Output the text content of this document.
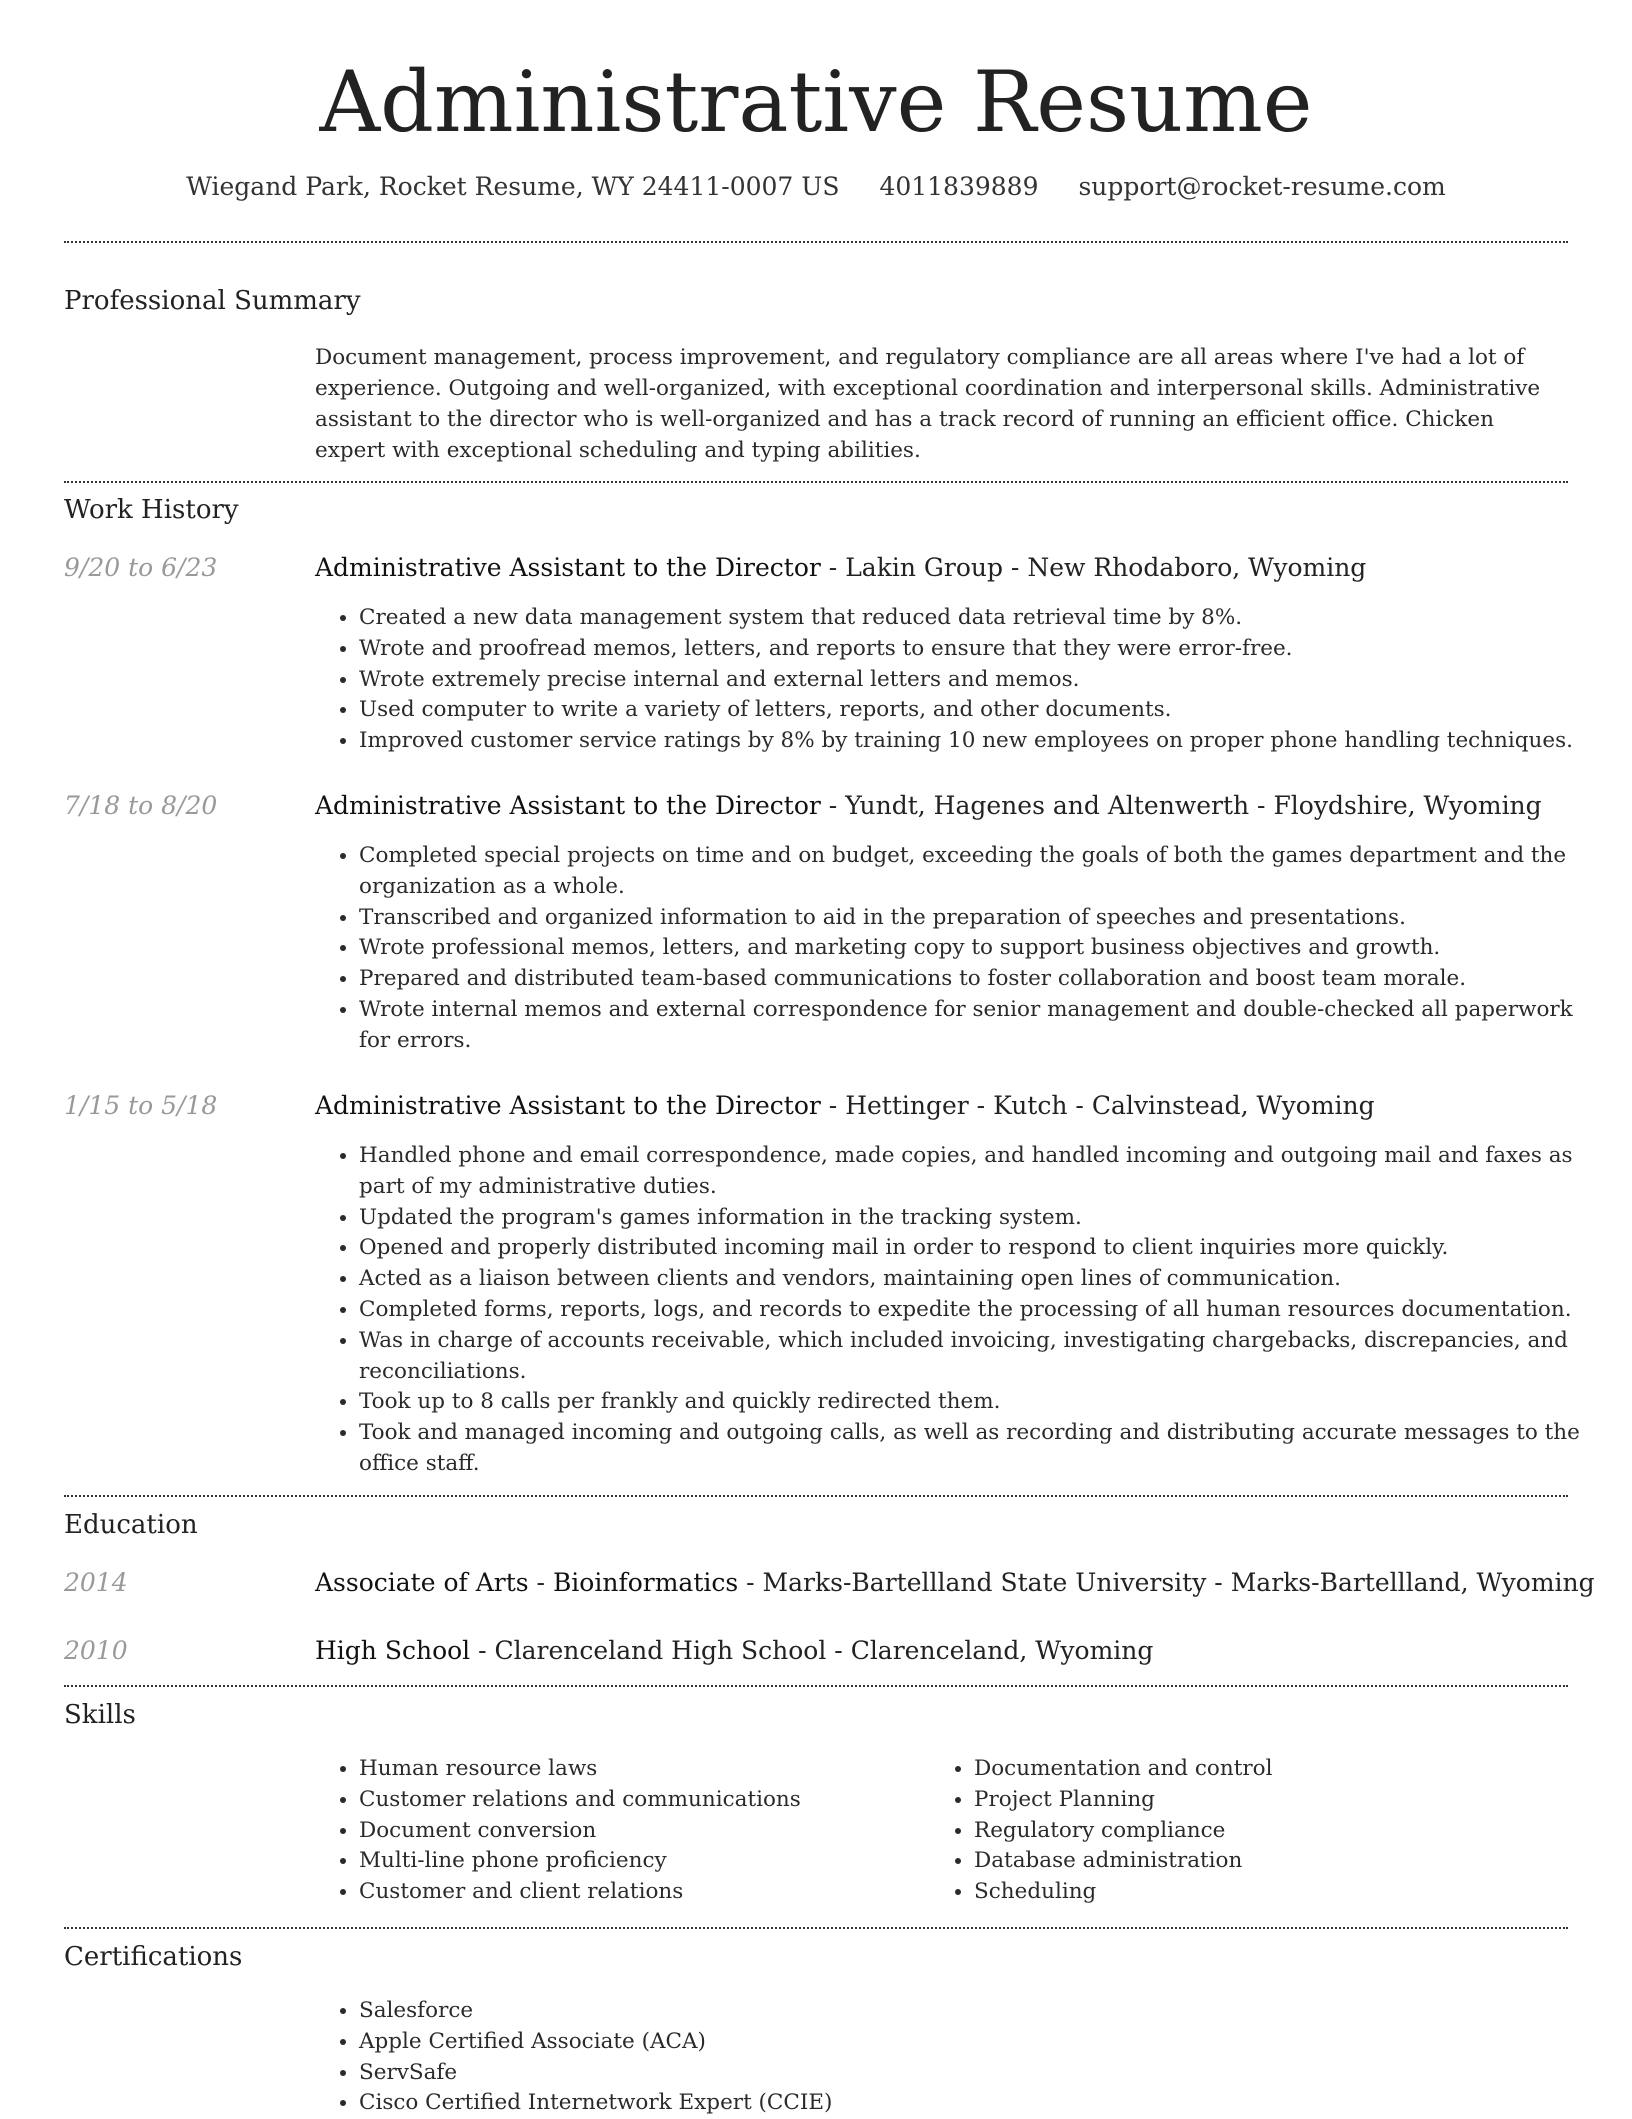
Administrative Resume
Wiegand Park, Rocket Resume, WY 24411-0007 US 4011839889 support@rocket-resume.com
Professional Summary

Document management, process improvement, and regulatory compliance are all areas where I've had a lot of experience. Outgoing and well-organized, with exceptional coordination and interpersonal skills. Administrative assistant to the director who is well-organized and has a track record of running an efficient office. Chicken expert with exceptional scheduling and typing abilities.

Work History
9/20 to 6/23	Administrative Assistant to the Director - Lakin Group - New Rhodaboro, Wyoming
• Created a new data management system that reduced data retrieval time by 8%.
• Wrote and proofread memos, letters, and reports to ensure that they were error-free.
• Wrote extremely precise internal and external letters and memos.
• Used computer to write a variety of letters, reports, and other documents.
• Improved customer service ratings by 8% by training 10 new employees on proper phone handling techniques.
7/18 to 8/20	Administrative Assistant to the Director - Yundt, Hagenes and Altenwerth - Floydshire, Wyoming
• Completed special projects on time and on budget, exceeding the goals of both the games department and the organization as a whole.
• Transcribed and organized information to aid in the preparation of speeches and presentations.
• Wrote professional memos, letters, and marketing copy to support business objectives and growth.
• Prepared and distributed team-based communications to foster collaboration and boost team morale.
• Wrote internal memos and external correspondence for senior management and double-checked all paperwork for errors.
1/15 to 5/18	Administrative Assistant to the Director - Hettinger - Kutch - Calvinstead, Wyoming
• Handled phone and email correspondence, made copies, and handled incoming and outgoing mail and faxes as part of my administrative duties.
• Updated the program's games information in the tracking system.
• Opened and properly distributed incoming mail in order to respond to client inquiries more quickly.
• Acted as a liaison between clients and vendors, maintaining open lines of communication.
• Completed forms, reports, logs, and records to expedite the processing of all human resources documentation.
• Was in charge of accounts receivable, which included invoicing, investigating chargebacks, discrepancies, and reconciliations.
• Took up to 8 calls per frankly and quickly redirected them.
• Took and managed incoming and outgoing calls, as well as recording and distributing accurate messages to the office staff.
Education
2014	Associate of Arts - Bioinformatics - Marks-Bartellland State University - Marks-Bartellland, Wyoming
2010	High School - Clarenceland High School - Clarenceland, Wyoming
Skills
• Human resource laws
• Customer relations and communications
• Document conversion
• Multi-line phone proficiency
• Customer and client relations
• Documentation and control
• Project Planning
• Regulatory compliance
• Database administration
• Scheduling
Certifications
• Salesforce
• Apple Certified Associate (ACA)
• ServSafe
• Cisco Certified Internetwork Expert (CCIE)
